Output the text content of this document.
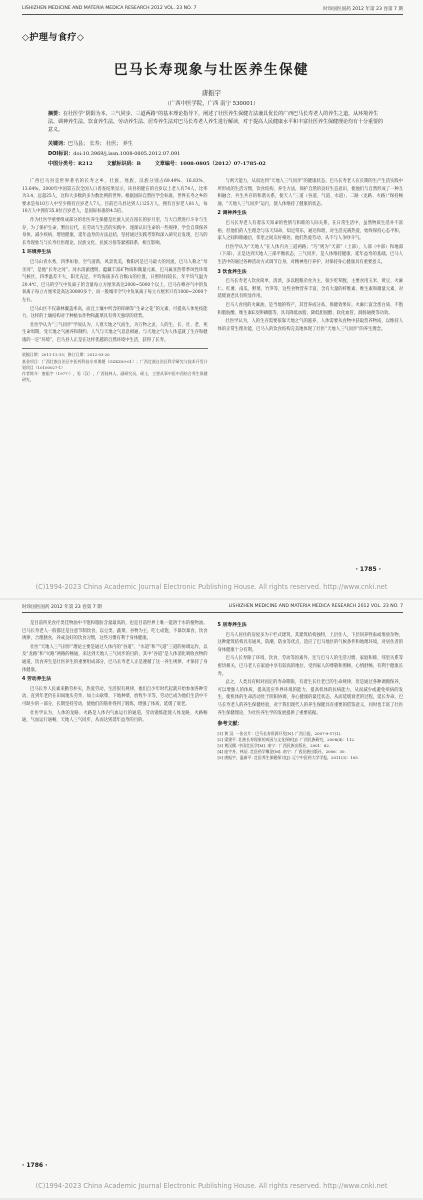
LISHIZHEN MEDICINE AND MATERIA MEDICA RESEARCH 2012 VOL. 23 NO. 7	时珍国医国药 2012 年第 23 卷第 7 期
◇护理与食疗◇
巴马长寿现象与壮医养生保健
唐振宇
（广西中医学院，广西 南宁 530001）
摘要：在壮医学“阴阳为本、三气同步、三道两路”的基本理论指导下，阐述了壮医养生保健方法兼具优长的广西巴马长寿老人的养生之道，从环境养生法、调神养生法、饮食养生法、劳动养生法、居寿养生法对巴马长寿老人养生进行解读，对于提高人民健康水平和丰富壮医养生保健理论均有十分重要的意义。
关键词：巴马县； 长寿； 壮医； 养生
DOI标识：doi:10.3969/j.issn.1008-0805.2012.07.091
中图分类号：R212	文献标识码：B	文章编号：1008-0805（2012）07-1785-02

广西巴马县是世界著名的长寿之乡，壮族、瑶族、汉族分别占69.49%、16.83%、13.64%。2000年中国第五次全国人口普查结果显示，该县的健在的百岁以上老人有74人，比率为3.4，远超25人，这和大多数的多为数比例的世界。根据国际自然医学会标准，世界长寿之乡的要求是每10万人中至少拥有百岁老人7人，目前巴马县达到人口25万人，拥有百岁老人81人，每10万人中拥有35.8位百岁老人，是国际标准的4.5倍。

作为壮医学重要组成部分的壮医养生保健是壮族人民在漫长的岁月里，与大自然进行斗争与生存，为了保护生命，繁衍后代，在劳动与生活的实践中，逐渐认识生命的一些规律，学会自我保养身体，减少疾病，增进健康，延年益寿的方法总结，坚持通过实践考察和深入研究后发现，巴马的长寿现象与与长寿壮医理论，民族文化、民族习俗等紧密联系，相互影响。

1 环境养生法

巴马山青水秀，四季如春，空气清新，风景优美，衡阳河是巴马最大的河流，巴马人称之“母亲河”，是他“长寿之河”。河水清澈透明，蕴藏丰富矿物质和微量元素，巴马属亚热带季风性环境气候区，四季温差不大，阳光充足，平均海拔多在百级山的位置，日照时间较长，年平均气温为20.4℃，巴马的空气中负离子的含量每立方厘米高达2000~5000个以上，巴马在峰谷气中的负氧离子每立方厘米竟高达30000多个，而一般城市空气中负氧离子每立方厘米只有1000~2000个左右。

巴马山区不仅森林覆盖率高，而且土壤中所含的锌硒等“生命之花”的元素，可提高人体免疫能力，这样的土壤结构对于种植农作物和蔬菜具有得天独厚的优势。

壮医学认为“三气同步”学说认为，人禀天地之气而生，为万物之灵，人的生、长、壮、老、死生命周期，受天地之气涵养和制约，人气与天地之气息息相通，与天地之气为人体造就了生存和健康的一定“环境”，巴马县人正是在这样优越的自然环境中生活，获得了长寿。

收稿日期：2011-12-15；修订日期：2012-03-20
基金项目：广西壮族自治区中医药科技专项课题（GZKZ09-01）；广西壮族自治区科学研究与技术开发计划项目（10100027-1）
作者简介：唐振宇（1977-），男（汉），广西桂林人，副研究员，硕士，主要从事中医中西结合养生保健研究。

与则天能力，从而达到“天地人三气同步”的健康状态。巴马长寿老人在长期的生产生活实践中所形成的生活习惯，饮食结构、养生方法，保护自然的良好生态意识，使他们与自然形成了一种互相融合、共生共存的和谐关系，使天人“三道（谷道、气道、水道）、二路（龙路、火路）”保持畅通，“天地人三气同步”运行，使人体维持了健康的状态。

2 调神养生法

巴马长寿老人有着乐天知命的性情与和睦的人际关系，在日常生活中，虽然物质生活并不富裕，但他们的人生理念与乐天知命，知足常乐，通达和谐，对生活充满热爱，始终保持心态平和，家人之间和睦融洽，邻里之间友好相处，他们热爱劳动，从不与人争吵斗气。

壮医学认为“天地人”在人体内为三道两路；“巧”则为“天部”（上部），人部（中部）和地部（下部），正是达到天地人三部平衡状态，三气同步，是人体维持健康、延年益寿的基础。巴马人生活中的通过各种活动方式调节自身，对精神进行养护，对保持身心健康具有重要意义。

3 饮食养生法

巴马长寿老人饮食简单、清淡，多以粗粮杂食为主，很少吃荤腥，主要食用玉米、黄豆、火麻仁、红薯、南瓜、野菜、竹笋等，这些食物营养丰富，含有大量的纤维素、维生素和微量元素，对延缓衰老具有明显作用。

巴马人食用的火麻油，是当地的特产，其营养成分高、保健效果好。火麻仁富含蛋白质、不饱和脂肪酸、维生素E及卵磷脂等，具有降低血脂、降低胆固醇、软化血管、润肠通便等功效。

壮医学认为，人的生存需要依靠天地之气的滋养，人体需要从食物中获取营养物质，以维持人体的正常生理功能，巴马人的饮食结构完美地体现了壮医“天地人三气同步”的养生理念。

· 1785 ·
(C)1994-2023 China Academic Journal Electronic Publishing House. All rights reserved. http://www.cnki.net
时珍国医国药 2012 年第 23 卷第 7 期	LISHIZHEN MEDICINE AND MATERIA MEDICA RESEARCH 2012 VOL. 23 NO. 7

是目前所见食疗类佳物油中不饱和脂肪含量最高的，也是目前世界上唯一能溶于水的植物油。巴马长寿老人一般都还是注意节制饮食，以豆类、蔬菜、谷物为主，吃七成饱，不暴饮暴食，饮食规律，合理膳食，养成良好的饮食习惯，这些习惯有利于身体健康。

壮医“天地人三气同步”理论主要是通过人体内的“谷道”、“水道”和“气道”三道的协调运作，以及“龙路”和“火路”两路的畅通，来达到天地人三气同步的目的，其中“谷道”是人体消化吸收食物的通道，饮食养生是壮医养生的重要组成部分，巴马长寿老人正是遵循了这一养生规律，才保持了身体健康。

4 劳动养生法

巴马长寿人民素来勤劳朴实，热爱劳动，生活很有规律，他们自少年时代起就开始参加各种劳动，直到年老仍在田间地头劳作，如上山砍柴、下地种菜、放牧牛羊等，劳动已成为他们生活中不可缺少的一部分，长期坚持劳动，使他们的筋骨得到了锻炼，增强了体质，延缓了衰老。

壮医学认为，人体的龙路、火路是人体内气血运行的通道，劳动锻炼能使人体龙路、火路畅通，气血运行通畅，天地人三气同步，从而达到延年益寿的目的。

5 居寿养生法

巴马人居住的房屋多为干栏式建筑，其建筑结构独特，上层住人，下层饲养牲畜或堆放杂物，这种建筑结构具有通风、防潮、防虫等优点，适应了巴马地区的气候条件和地理环境，对居住者的身体健康十分有利。

巴马人长寿除了环境、饮食、劳动等因素外，还与巴马人的生活习惯、家庭和睦、邻里关系等密切相关，巴马老人在家庭中享有较高的地位，受到家人的尊敬和照顾，心情舒畅，有利于健康长寿。

总之，人类具有相对固定的寿命期限，有着生长壮老已的生命规律，但是通过各种调摄保养，可以增强人的体质，提高适应外界环境的能力，提高机体的抗病能力，从而减少或避免疾病的发生，使机体的生命活动处于阴阳协调、身心健康的最佳状态，从而延缓衰老的过程，延长寿命。巴马长寿老人的养生保健经验，对于我们现代人的养生保健具有重要的借鉴意义，同时也丰富了壮医养生保健理论，为壮医养生学的发展提供了重要依据。

参考文献：
[1] 黄 汉. 一张名片：巴马长寿资源开发[N]. 广西日报，2007-9-17(1).
[2] 梁建平. 壮族长寿现象的成因与文化探析[J]. 广西民族研究，2008(4)：112.
[3] 黄汉儒. 中国壮医学[M]. 南宁：广西民族出版社，2001：82.
[4] 庞宇舟，林辰. 壮医药学概论[M]. 南宁：广西民族出版社，2006：30.
[5] 唐振宇，温新平. 壮医养生保健探讨[J]. 辽宁中医药大学学报，2011(3)：105.
· 1786 ·
(C)1994-2023 China Academic Journal Electronic Publishing House. All rights reserved. http://www.cnki.net
